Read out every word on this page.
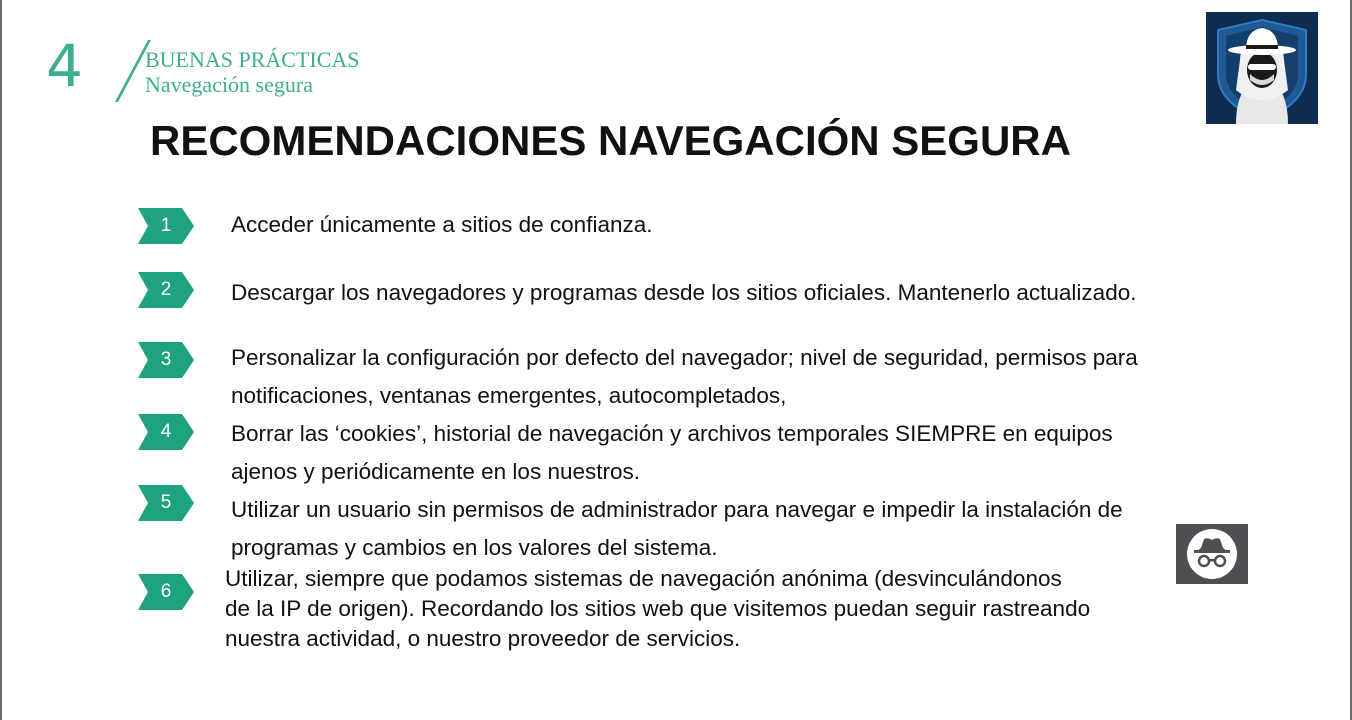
4	BUENAS PRÁCTICAS
Navegación segura
RECOMENDACIONES NAVEGACIÓN SEGURA
1	Acceder únicamente a sitios de confianza.
2	Descargar los navegadores y programas desde los sitios oficiales. Mantenerlo actualizado.
3	Personalizar la configuración por defecto del navegador; nivel de seguridad, permisos para
notificaciones, ventanas emergentes, autocompletados,
4	Borrar las ‘cookies’, historial de navegación y archivos temporales SIEMPRE en equipos
ajenos y periódicamente en los nuestros.
5	Utilizar un usuario sin permisos de administrador para navegar e impedir la instalación de
programas y cambios en los valores del sistema.
6
Utilizar, siempre que podamos sistemas de navegación anónima (desvinculándonos
de la IP de origen). Recordando los sitios web que visitemos puedan seguir rastreando
nuestra actividad, o nuestro proveedor de servicios.
